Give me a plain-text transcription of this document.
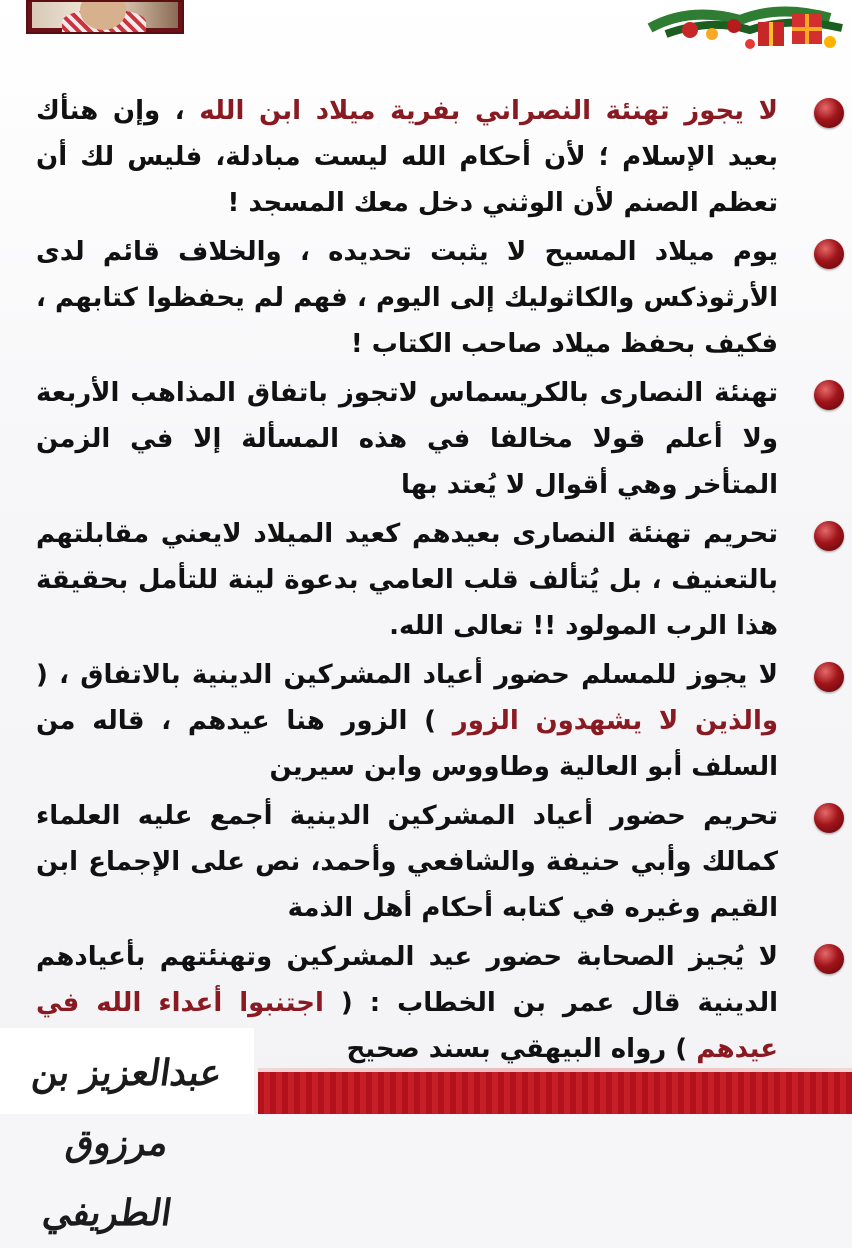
لا يجوز تهنئة النصراني بفرية ميلاد ابن الله ، وإن هنأك بعيد الإسلام ؛ لأن أحكام الله ليست مبادلة، فليس لك أن تعظم الصنم لأن الوثني دخل معك المسجد !

يوم ميلاد المسيح لا يثبت تحديده ، والخلاف قائم لدى الأرثوذكس والكاثوليك إلى اليوم ، فهم لم يحفظوا كتابهم ، فكيف بحفظ ميلاد صاحب الكتاب !

تهنئة النصارى بالكريسماس لاتجوز باتفاق المذاهب الأربعة ولا أعلم قولا مخالفا في هذه المسألة إلا في الزمن المتأخر وهي أقوال لا يُعتد بها

تحريم تهنئة النصارى بعيدهم كعيد الميلاد لايعني مقابلتهم بالتعنيف ، بل يُتألف قلب العامي بدعوة لينة للتأمل بحقيقة هذا الرب المولود !! تعالى الله.

لا يجوز للمسلم حضور أعياد المشركين الدينية بالاتفاق ، ( والذين لا يشهدون الزور ) الزور هنا عيدهم ، قاله من السلف أبو العالية وطاووس وابن سيرين

تحريم حضور أعياد المشركين الدينية أجمع عليه العلماء كمالك وأبي حنيفة والشافعي وأحمد، نص على الإجماع ابن القيم وغيره في كتابه أحكام أهل الذمة

لا يُجيز الصحابة حضور عيد المشركين وتهنئتهم بأعيادهم الدينية قال عمر بن الخطاب : ( اجتنبوا أعداء الله في عيدهم ) رواه البيهقي بسند صحيح

عبدالعزيز بن مرزوق الطريفي
